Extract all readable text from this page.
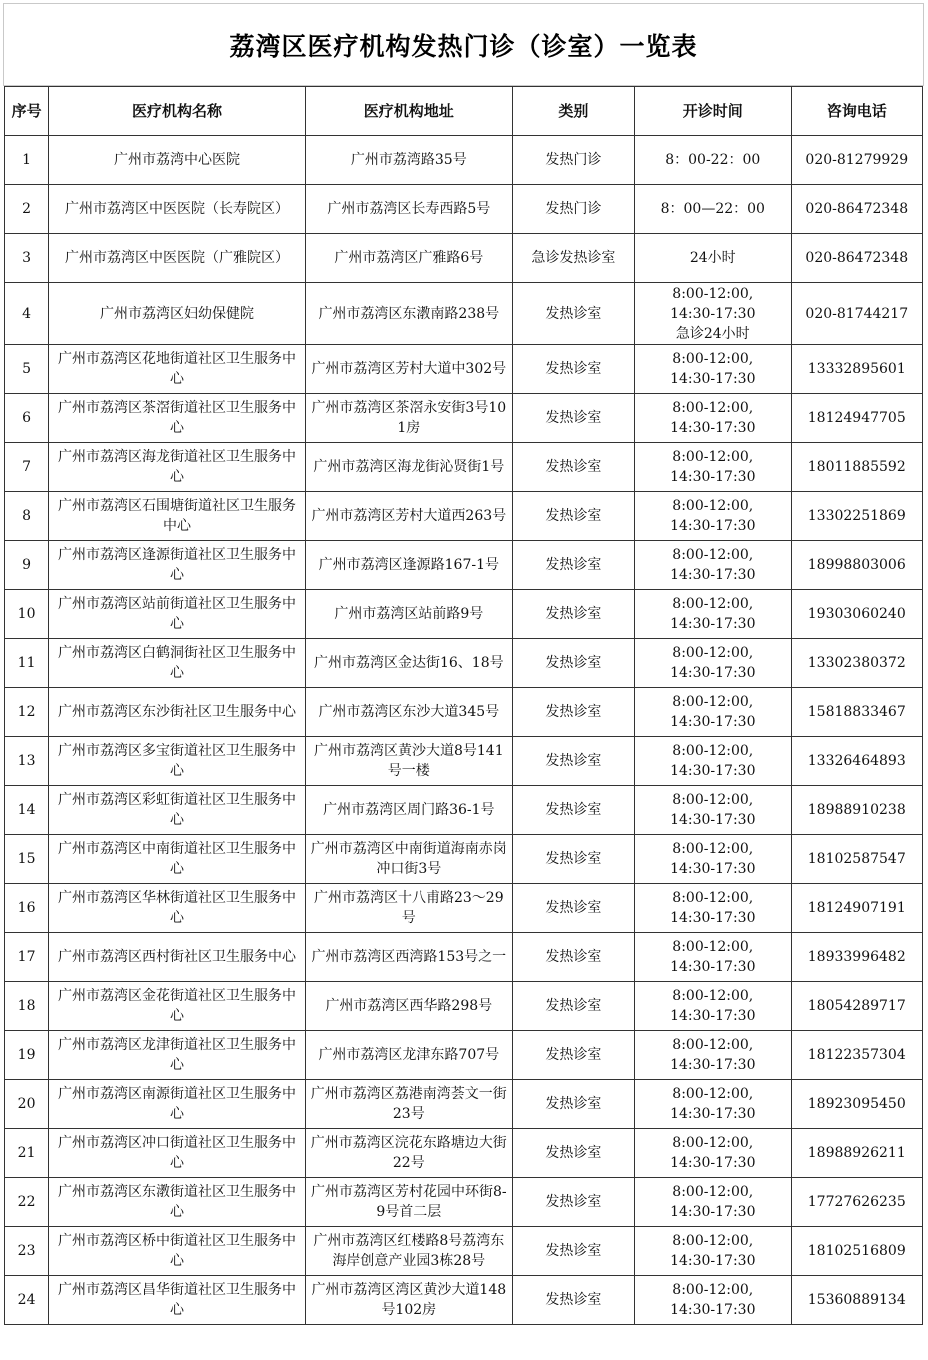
荔湾区医疗机构发热门诊（诊室）一览表
序号	医疗机构名称	医疗机构地址	类别	开诊时间	咨询电话
1	广州市荔湾中心医院	广州市荔湾路35号	发热门诊	8：00-22：00	020-81279929
2	广州市荔湾区中医医院（长寿院区）	广州市荔湾区长寿西路5号	发热门诊	8：00—22：00	020-86472348
3	广州市荔湾区中医医院（广雅院区）	广州市荔湾区广雅路6号	急诊发热诊室	24小时	020-86472348
4	广州市荔湾区妇幼保健院	广州市荔湾区东漖南路238号	发热诊室	8:00-12:00,
14:30-17:30
急诊24小时	020-81744217
5	广州市荔湾区花地街道社区卫生服务中心	广州市荔湾区芳村大道中302号	发热诊室	8:00-12:00,
14:30-17:30	13332895601
6	广州市荔湾区茶滘街道社区卫生服务中心	广州市荔湾区茶滘永安街3号101房	发热诊室	8:00-12:00,
14:30-17:30	18124947705
7	广州市荔湾区海龙街道社区卫生服务中心	广州市荔湾区海龙街沁贤街1号	发热诊室	8:00-12:00,
14:30-17:30	18011885592
8	广州市荔湾区石围塘街道社区卫生服务中心	广州市荔湾区芳村大道西263号	发热诊室	8:00-12:00,
14:30-17:30	13302251869
9	广州市荔湾区逢源街道社区卫生服务中心	广州市荔湾区逢源路167-1号	发热诊室	8:00-12:00,
14:30-17:30	18998803006
10	广州市荔湾区站前街道社区卫生服务中心	广州市荔湾区站前路9号	发热诊室	8:00-12:00,
14:30-17:30	19303060240
11	广州市荔湾区白鹤洞街社区卫生服务中心	广州市荔湾区金达街16、18号	发热诊室	8:00-12:00,
14:30-17:30	13302380372
12	广州市荔湾区东沙街社区卫生服务中心	广州市荔湾区东沙大道345号	发热诊室	8:00-12:00,
14:30-17:30	15818833467
13	广州市荔湾区多宝街道社区卫生服务中心	广州市荔湾区黄沙大道8号141号一楼	发热诊室	8:00-12:00,
14:30-17:30	13326464893
14	广州市荔湾区彩虹街道社区卫生服务中心	广州市荔湾区周门路36-1号	发热诊室	8:00-12:00,
14:30-17:30	18988910238
15	广州市荔湾区中南街道社区卫生服务中心	广州市荔湾区中南街道海南赤岗冲口街3号	发热诊室	8:00-12:00,
14:30-17:30	18102587547
16	广州市荔湾区华林街道社区卫生服务中心	广州市荔湾区十八甫路23～29号	发热诊室	8:00-12:00,
14:30-17:30	18124907191
17	广州市荔湾区西村街社区卫生服务中心	广州市荔湾区西湾路153号之一	发热诊室	8:00-12:00,
14:30-17:30	18933996482
18	广州市荔湾区金花街道社区卫生服务中心	广州市荔湾区西华路298号	发热诊室	8:00-12:00,
14:30-17:30	18054289717
19	广州市荔湾区龙津街道社区卫生服务中心	广州市荔湾区龙津东路707号	发热诊室	8:00-12:00,
14:30-17:30	18122357304
20	广州市荔湾区南源街道社区卫生服务中心	广州市荔湾区荔港南湾荟文一街23号	发热诊室	8:00-12:00,
14:30-17:30	18923095450
21	广州市荔湾区冲口街道社区卫生服务中心	广州市荔湾区浣花东路塘边大街22号	发热诊室	8:00-12:00,
14:30-17:30	18988926211
22	广州市荔湾区东漖街道社区卫生服务中心	广州市荔湾区芳村花园中环街8-9号首二层	发热诊室	8:00-12:00,
14:30-17:30	17727626235
23	广州市荔湾区桥中街道社区卫生服务中心	广州市荔湾区红楼路8号荔湾东海岸创意产业园3栋28号	发热诊室	8:00-12:00,
14:30-17:30	18102516809
24	广州市荔湾区昌华街道社区卫生服务中心	广州市荔湾区湾区黄沙大道148号102房	发热诊室	8:00-12:00,
14:30-17:30	15360889134
